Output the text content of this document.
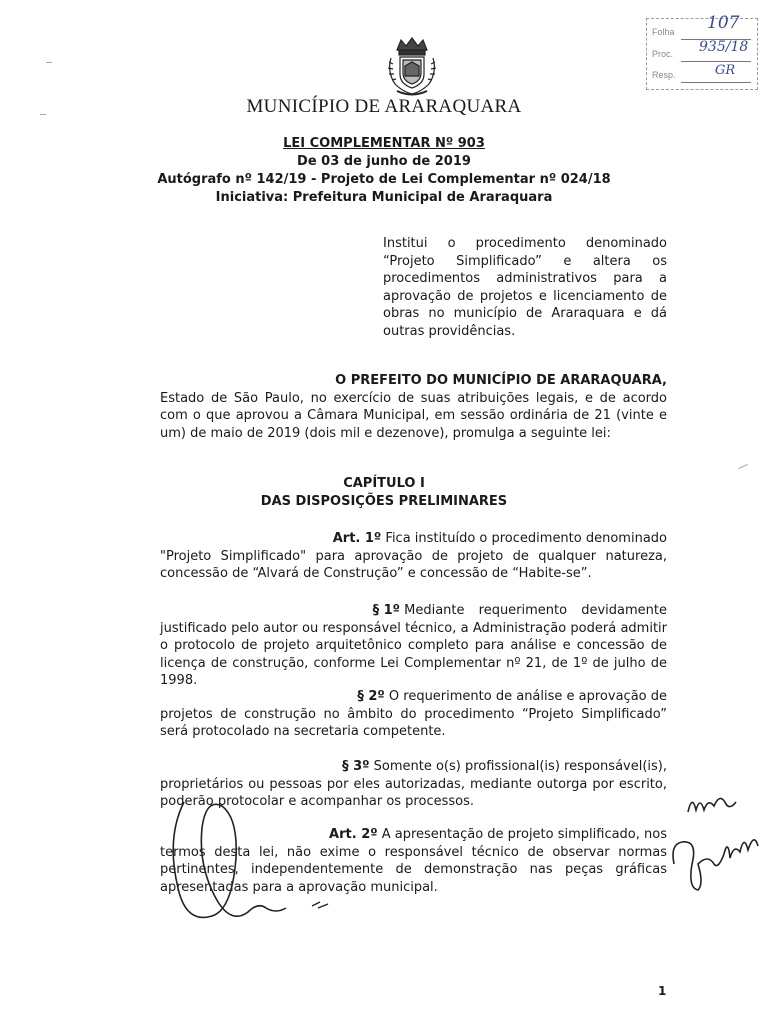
Folha
Proc.
Resp.
107
935/18
GR
MUNICÍPIO DE ARARAQUARA
LEI COMPLEMENTAR Nº 903
De 03 de junho de 2019
Autógrafo nº 142/19 - Projeto de Lei Complementar nº 024/18
Iniciativa: Prefeitura Municipal de Araraquara
Institui o procedimento denominado “Projeto Simplificado” e altera os procedimentos administrativos para a aprovação de projetos e licenciamento de obras no município de Araraquara e dá outras providências.
O PREFEITO DO MUNICÍPIO DE ARARAQUARA,
Estado de São Paulo, no exercício de suas atribuições legais, e de acordo com o que aprovou a Câmara Municipal, em sessão ordinária de 21 (vinte e um) de maio de 2019 (dois mil e dezenove), promulga a seguinte lei:
CAPÍTULO I
DAS DISPOSIÇÕES PRELIMINARES
Art. 1º Fica instituído o procedimento denominado
"Projeto Simplificado" para aprovação de projeto de qualquer natureza, concessão de “Alvará de Construção” e concessão de “Habite-se”.
§ 1º Mediante requerimento devidamente
justificado pelo autor ou responsável técnico, a Administração poderá admitir o protocolo de projeto arquitetônico completo para análise e concessão de licença de construção, conforme Lei Complementar nº 21, de 1º de julho de 1998.
§ 2º O requerimento de análise e aprovação de
projetos de construção no âmbito do procedimento “Projeto Simplificado” será protocolado na secretaria competente.
§ 3º Somente o(s) profissional(is) responsável(is),
proprietários ou pessoas por eles autorizadas, mediante outorga por escrito, poderão protocolar e acompanhar os processos.
Art. 2º A apresentação de projeto simplificado, nos
termos desta lei, não exime o responsável técnico de observar normas pertinentes, independentemente de demonstração nas peças gráficas apresentadas para a aprovação municipal.
1
